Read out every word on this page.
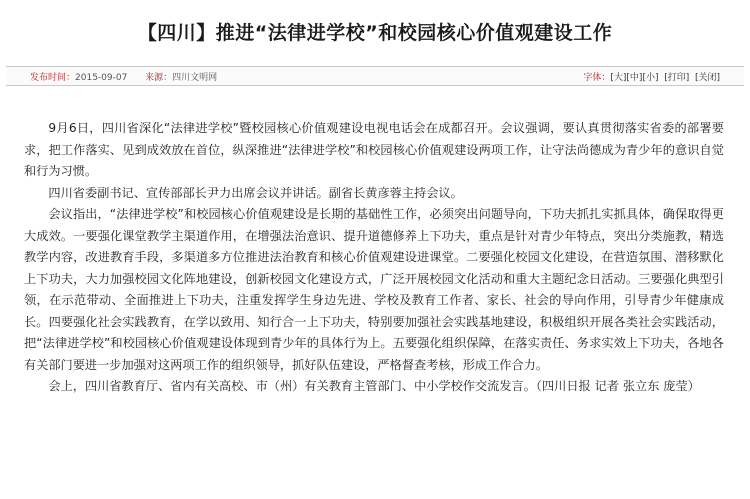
【四川】推进“法律进学校”和校园核心价值观建设工作
发布时间：2015-09-07 来源：四川文明网	字体：[大][中][小] [打印] [关闭]

9月6日，四川省深化“法律进学校”暨校园核心价值观建设电视电话会在成都召开。会议强调，要认真贯彻落实省委的部署要求，把工作落实、见到成效放在首位，纵深推进“法律进学校”和校园核心价值观建设两项工作，让守法尚德成为青少年的意识自觉和行为习惯。

四川省委副书记、宣传部部长尹力出席会议并讲话。副省长黄彦蓉主持会议。

会议指出，“法律进学校”和校园核心价值观建设是长期的基础性工作，必须突出问题导向，下功夫抓扎实抓具体，确保取得更大成效。一要强化课堂教学主渠道作用，在增强法治意识、提升道德修养上下功夫，重点是针对青少年特点，突出分类施教，精选教学内容，改进教育手段，多渠道多方位推进法治教育和核心价值观建设进课堂。二要强化校园文化建设，在营造氛围、潜移默化上下功夫，大力加强校园文化阵地建设，创新校园文化建设方式，广泛开展校园文化活动和重大主题纪念日活动。三要强化典型引领，在示范带动、全面推进上下功夫，注重发挥学生身边先进、学校及教育工作者、家长、社会的导向作用，引导青少年健康成长。四要强化社会实践教育，在学以致用、知行合一上下功夫，特别要加强社会实践基地建设，积极组织开展各类社会实践活动，把“法律进学校”和校园核心价值观建设体现到青少年的具体行为上。五要强化组织保障，在落实责任、务求实效上下功夫，各地各有关部门要进一步加强对这两项工作的组织领导，抓好队伍建设，严格督查考核，形成工作合力。

会上，四川省教育厅、省内有关高校、市（州）有关教育主管部门、中小学校作交流发言。（四川日报 记者 张立东 庞莹）
